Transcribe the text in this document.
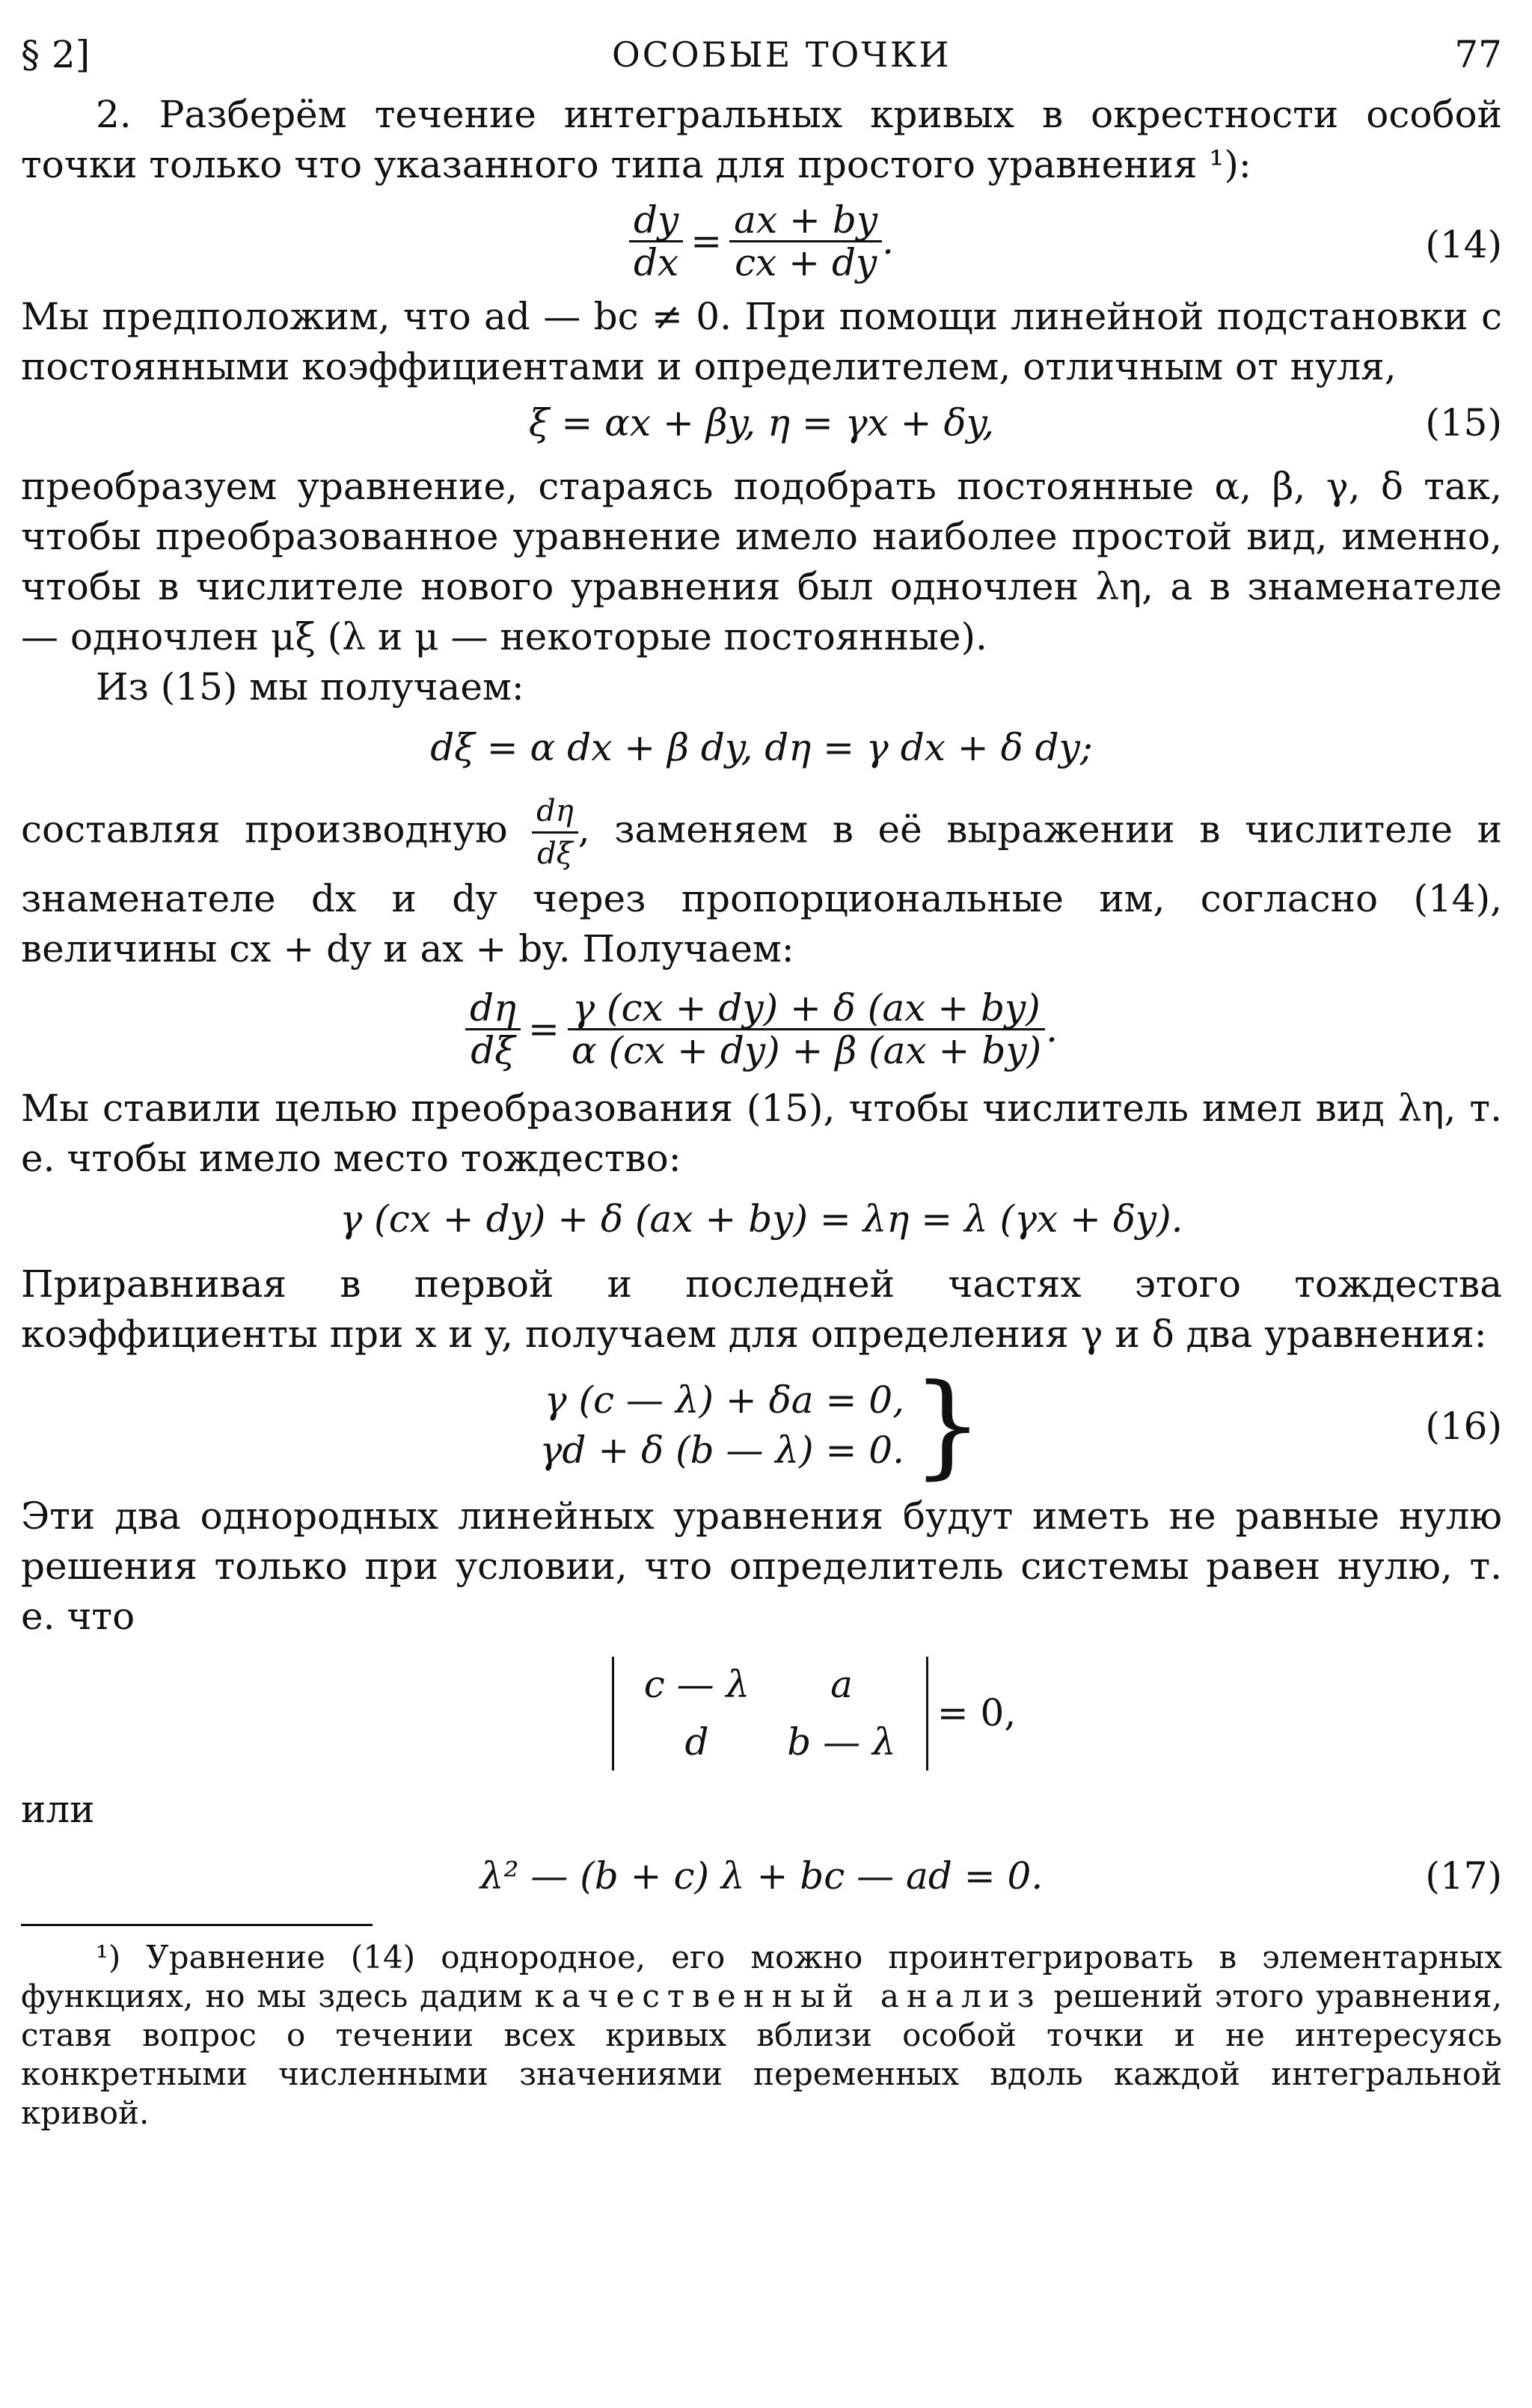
§ 2]	ОСОБЫЕ ТОЧКИ	77

2. Разберём течение интегральных кривых в окрестности особой точки только что указанного типа для простого уравнения ¹):

$\frac{dy}{dx} = \frac{ax + by}{cx + dy}$ .	(14)

Мы предположим, что ad — bc ≠ 0. При помощи линейной подстановки с постоянными коэффициентами и определителем, отличным от нуля,

ξ = αx + βy, η = γx + δy,	(15)

преобразуем уравнение, стараясь подобрать постоянные α, β, γ, δ так, чтобы преобразованное уравнение имело наиболее простой вид, именно, чтобы в числителе нового уравнения был одночлен λη, а в знаменателе — одночлен μξ (λ и μ — некоторые постоянные).

Из (15) мы получаем:

dξ = α dx + β dy, dη = γ dx + δ dy;

составляя производную $\frac{d\eta}{d\xi}$ , заменяем в её выражении в числителе и знаменателе dx и dy через пропорциональные им, согласно (14), величины cx + dy и ax + by. Получаем:

$\frac{d\eta}{d\xi} = \frac{\gamma (cx + dy) + \delta (ax + by)}{\alpha (cx + dy) + \beta (ax + by)}$ .

Мы ставили целью преобразования (15), чтобы числитель имел вид λη, т. е. чтобы имело место тождество:

γ (cx + dy) + δ (ax + by) = λη = λ (γx + δy).

Приравнивая в первой и последней частях этого тождества коэффициенты при x и y, получаем для определения γ и δ два уравнения:

γ (c — λ) + δa = 0,
γd + δ (b — λ) = 0. }	(16)

Эти два однородных линейных уравнения будут иметь не равные нулю решения только при условии, что определитель системы равен нулю, т. е. что

c — λ	a
d	b — λ
= 0,

или

λ² — (b + c) λ + bc — ad = 0.	(17)

¹) Уравнение (14) однородное, его можно проинтегрировать в элементарных функциях, но мы здесь дадим качественный анализ решений этого уравнения, ставя вопрос о течении всех кривых вблизи особой точки и не интересуясь конкретными численными значениями переменных вдоль каждой интегральной кривой.
